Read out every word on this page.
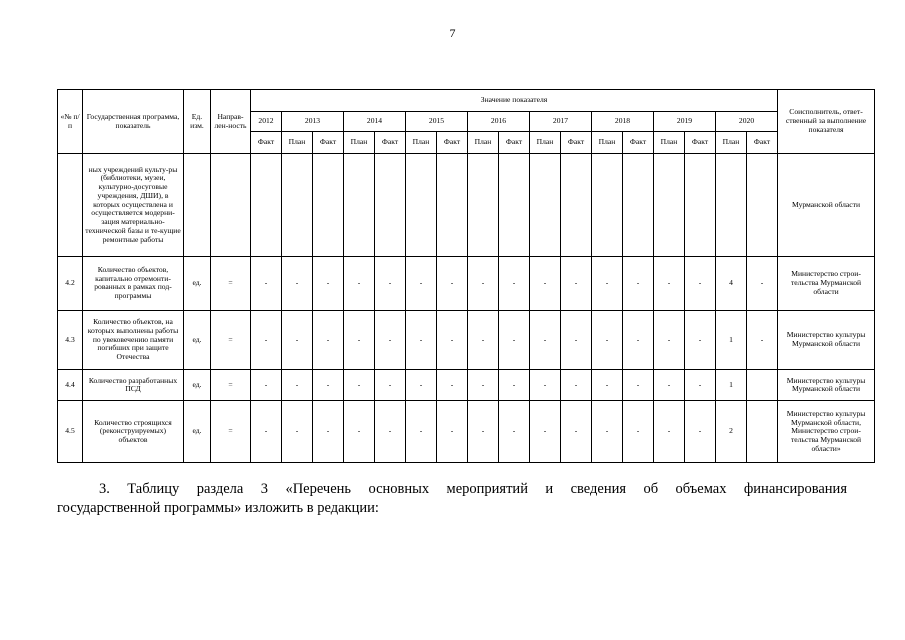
7
«№ п/п	Государственная программа, показатель	Ед. изм.	Направ-лен-ность	Значение показателя																	Соисполнитель, ответ-ственный за выполнение показателя
				2012	2013		2014		2015		2016		2017		2018		2019		2020		
				Факт	План	Факт	План	Факт	План	Факт	План	Факт	План	Факт	План	Факт	План	Факт	План	Факт	
	ных учреждений культу-ры (библиотеки, музеи, культурно-досуговые учреждения, ДШИ), в которых осуществлена и осуществляется модерни-зация материально-технической базы и те-кущие ремонтные работы																				Мурманской области
4.2	Количество объектов, капитально отремонти-рованных в рамках под-программы	ед.	=	-	-	-	-	-	-	-	-	-	-	-	-	-	-	-	4	-	Министерство строи-тельства Мурманской области
4.3	Количество объектов, на которых выполнены работы по увековечению памяти погибших при защите Отечества	ед.	=	-	-	-	-	-	-	-	-	-	-	-	-	-	-	-	1	-	Министерство культуры Мурманской области
4.4	Количество разработанных ПСД	ед.	=	-	-	-	-	-	-	-	-	-	-	-	-	-	-	-	1		Министерство культуры Мурманской области
4.5	Количество строящихся (реконструируемых) объектов	ед.	=	-	-	-	-	-	-	-	-	-	-	-	-	-	-	-	2		Министерство культуры Мурманской области, Министерство строи-тельства Мурманской области»
3. Таблицу раздела 3 «Перечень основных мероприятий и сведения об объемах финансирования
государственной программы» изложить в редакции:
